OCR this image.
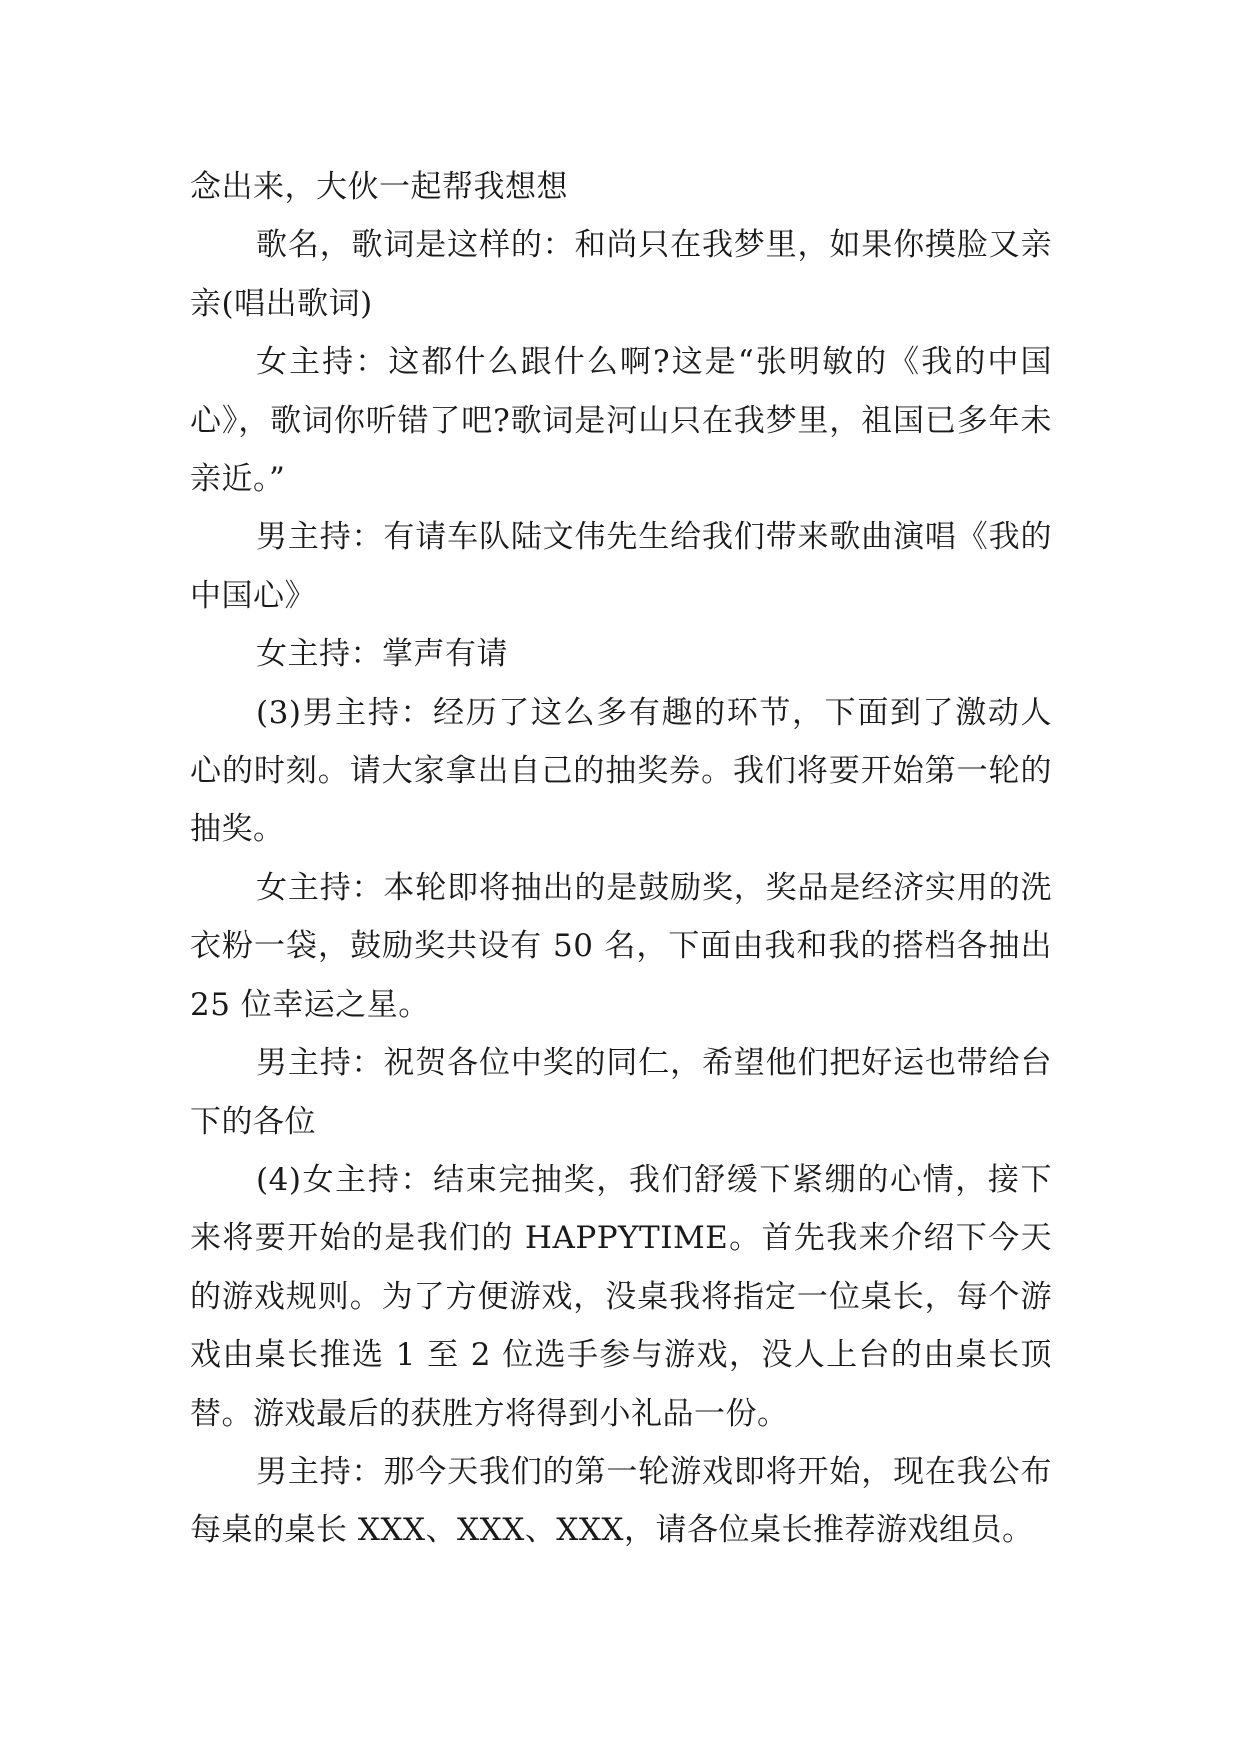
念出来，大伙一起帮我想想

歌名，歌词是这样的：和尚只在我梦里，如果你摸脸又亲亲(唱出歌词)

女主持：这都什么跟什么啊?这是“张明敏的《我的中国心》，歌词你听错了吧?歌词是河山只在我梦里，祖国已多年未亲近。”

男主持：有请车队陆文伟先生给我们带来歌曲演唱《我的中国心》

女主持：掌声有请

(3)男主持：经历了这么多有趣的环节，下面到了激动人心的时刻。请大家拿出自己的抽奖券。我们将要开始第一轮的抽奖。

女主持：本轮即将抽出的是鼓励奖，奖品是经济实用的洗衣粉一袋，鼓励奖共设有 50 名，下面由我和我的搭档各抽出 25 位幸运之星。

男主持：祝贺各位中奖的同仁，希望他们把好运也带给台下的各位

(4)女主持：结束完抽奖，我们舒缓下紧绷的心情，接下来将要开始的是我们的 HAPPYTIME。首先我来介绍下今天的游戏规则。为了方便游戏，没桌我将指定一位桌长，每个游戏由桌长推选 1 至 2 位选手参与游戏，没人上台的由桌长顶替。游戏最后的获胜方将得到小礼品一份。

男主持：那今天我们的第一轮游戏即将开始，现在我公布每桌的桌长 XXX、XXX、XXX，请各位桌长推荐游戏组员。
